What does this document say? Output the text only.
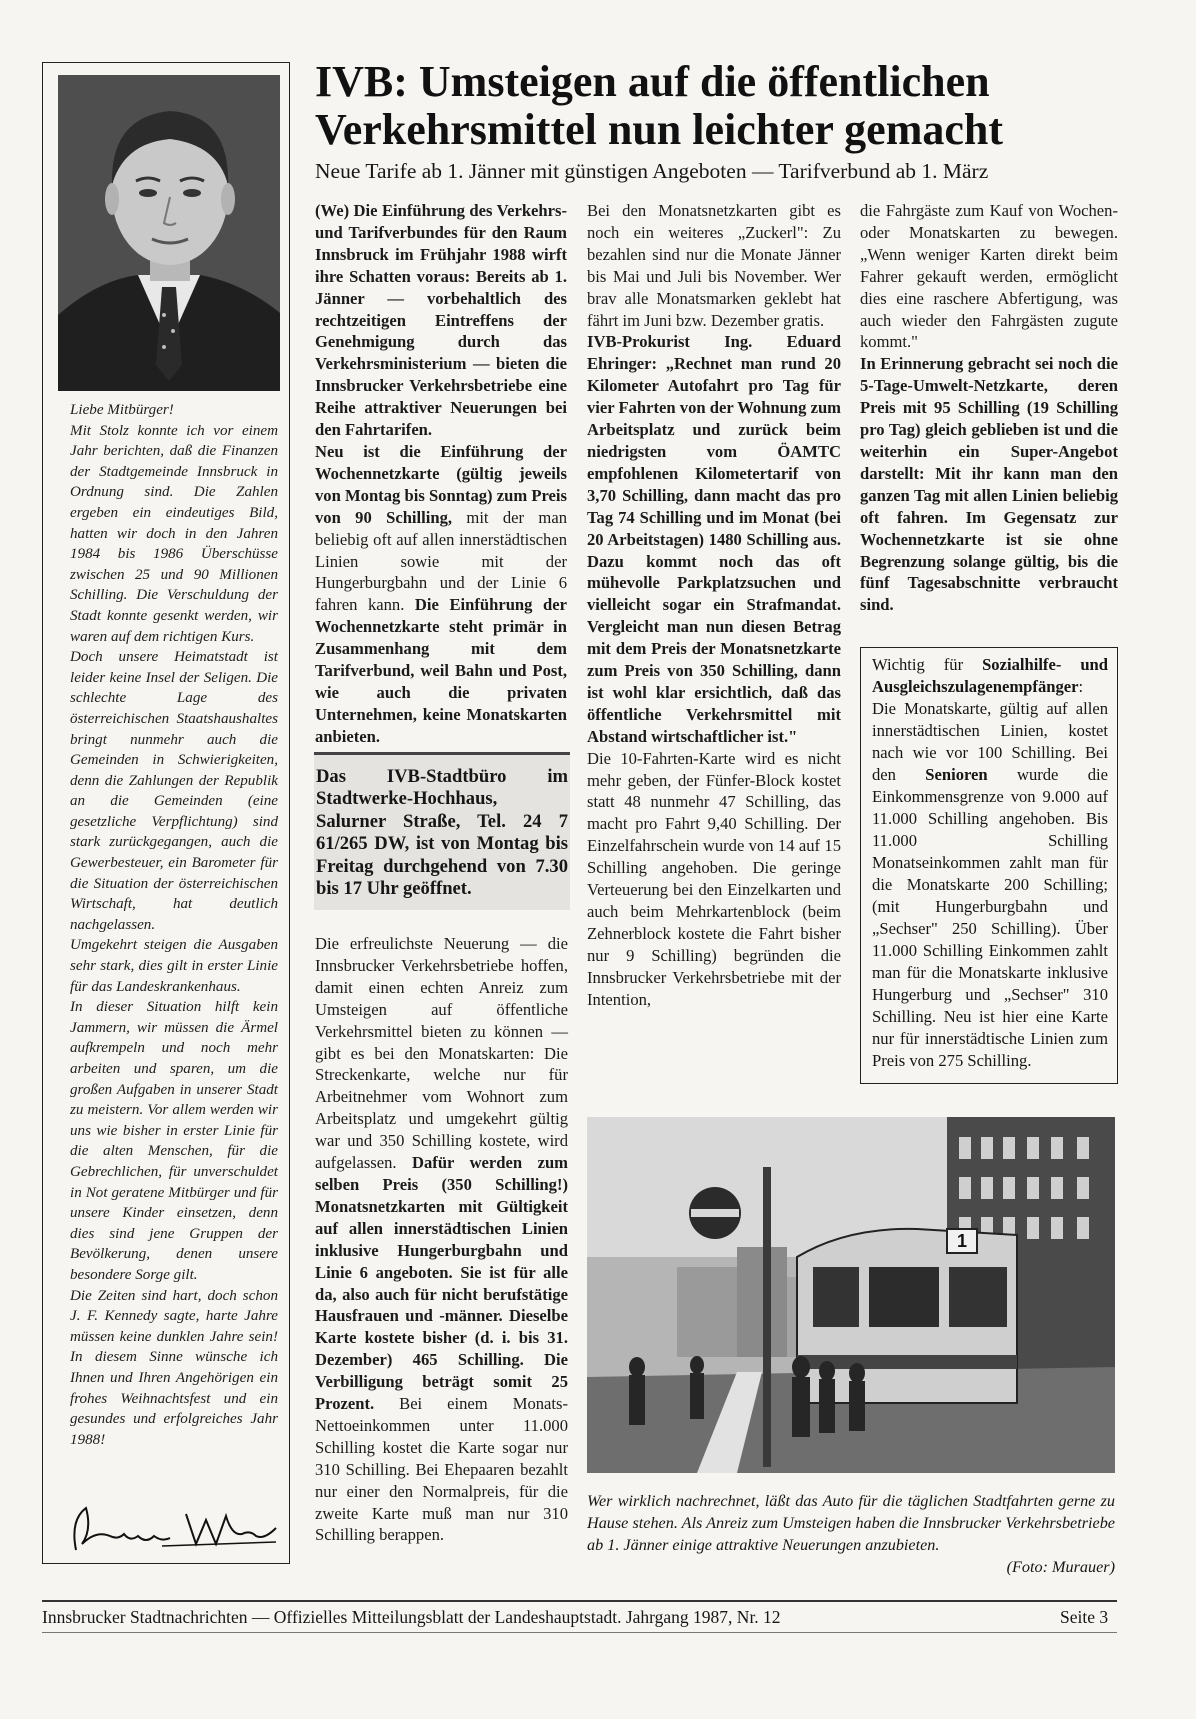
Liebe Mitbürger!
Mit Stolz konnte ich vor einem Jahr berichten, daß die Finanzen der Stadtgemeinde Innsbruck in Ordnung sind. Die Zahlen ergeben ein eindeutiges Bild, hatten wir doch in den Jahren 1984 bis 1986 Überschüsse zwischen 25 und 90 Millionen Schilling. Die Verschuldung der Stadt konnte gesenkt werden, wir waren auf dem richtigen Kurs.
Doch unsere Heimatstadt ist leider keine Insel der Seligen. Die schlechte Lage des österreichischen Staatshaushaltes bringt nunmehr auch die Gemeinden in Schwierigkeiten, denn die Zahlungen der Republik an die Gemeinden (eine gesetzliche Verpflichtung) sind stark zurückgegangen, auch die Gewerbesteuer, ein Barometer für die Situation der österreichischen Wirtschaft, hat deutlich nachgelassen.
Umgekehrt steigen die Ausgaben sehr stark, dies gilt in erster Linie für das Landeskrankenhaus.
In dieser Situation hilft kein Jammern, wir müssen die Ärmel aufkrempeln und noch mehr arbeiten und sparen, um die großen Aufgaben in unserer Stadt zu meistern. Vor allem werden wir uns wie bisher in erster Linie für die alten Menschen, für die Gebrechlichen, für unverschuldet in Not geratene Mitbürger und für unsere Kinder einsetzen, denn dies sind jene Gruppen der Bevölkerung, denen unsere besondere Sorge gilt.
Die Zeiten sind hart, doch schon J. F. Kennedy sagte, harte Jahre müssen keine dunklen Jahre sein! In diesem Sinne wünsche ich Ihnen und Ihren Angehörigen ein frohes Weihnachtsfest und ein gesundes und erfolgreiches Jahr 1988!
IVB: Umsteigen auf die öffentlichen Verkehrsmittel nun leichter gemacht
Neue Tarife ab 1. Jänner mit günstigen Angeboten — Tarifverbund ab 1. März

(We) Die Einführung des Verkehrs- und Tarifverbundes für den Raum Innsbruck im Frühjahr 1988 wirft ihre Schatten voraus: Bereits ab 1. Jänner — vorbehaltlich des rechtzeitigen Eintreffens der Genehmigung durch das Verkehrsministerium — bieten die Innsbrucker Verkehrsbetriebe eine Reihe attraktiver Neuerungen bei den Fahrtarifen.

Neu ist die Einführung der Wochennetzkarte (gültig jeweils von Montag bis Sonntag) zum Preis von 90 Schilling, mit der man beliebig oft auf allen innerstädtischen Linien sowie mit der Hungerburgbahn und der Linie 6 fahren kann. Die Einführung der Wochennetzkarte steht primär in Zusammenhang mit dem Tarifverbund, weil Bahn und Post, wie auch die privaten Unternehmen, keine Monatskarten anbieten.

Das IVB-Stadtbüro im Stadtwerke-Hochhaus, Salurner Straße, Tel. 24 7 61/265 DW, ist von Montag bis Freitag durchgehend von 7.30 bis 17 Uhr geöffnet.

Die erfreulichste Neuerung — die Innsbrucker Verkehrsbetriebe hoffen, damit einen echten Anreiz zum Umsteigen auf öffentliche Verkehrsmittel bieten zu können — gibt es bei den Monatskarten: Die Streckenkarte, welche nur für Arbeitnehmer vom Wohnort zum Arbeitsplatz und umgekehrt gültig war und 350 Schilling kostete, wird aufgelassen. Dafür werden zum selben Preis (350 Schilling!) Monatsnetzkarten mit Gültigkeit auf allen innerstädtischen Linien inklusive Hungerburgbahn und Linie 6 angeboten. Sie ist für alle da, also auch für nicht berufstätige Hausfrauen und -männer. Dieselbe Karte kostete bisher (d. i. bis 31. Dezember) 465 Schilling. Die Verbilligung beträgt somit 25 Prozent. Bei einem Monats-Nettoeinkommen unter 11.000 Schilling kostet die Karte sogar nur 310 Schilling. Bei Ehepaaren bezahlt nur einer den Normalpreis, für die zweite Karte muß man nur 310 Schilling berappen.

Bei den Monatsnetzkarten gibt es noch ein weiteres „Zuckerl": Zu bezahlen sind nur die Monate Jänner bis Mai und Juli bis November. Wer brav alle Monatsmarken geklebt hat fährt im Juni bzw. Dezember gratis.

IVB-Prokurist Ing. Eduard Ehringer: „Rechnet man rund 20 Kilometer Autofahrt pro Tag für vier Fahrten von der Wohnung zum Arbeitsplatz und zurück beim niedrigsten vom ÖAMTC empfohlenen Kilometertarif von 3,70 Schilling, dann macht das pro Tag 74 Schilling und im Monat (bei 20 Arbeitstagen) 1480 Schilling aus. Dazu kommt noch das oft mühevolle Parkplatzsuchen und vielleicht sogar ein Strafmandat. Vergleicht man nun diesen Betrag mit dem Preis der Monatsnetzkarte zum Preis von 350 Schilling, dann ist wohl klar ersichtlich, daß das öffentliche Verkehrsmittel mit Abstand wirtschaftlicher ist."

Die 10-Fahrten-Karte wird es nicht mehr geben, der Fünfer-Block kostet statt 48 nunmehr 47 Schilling, das macht pro Fahrt 9,40 Schilling. Der Einzelfahrschein wurde von 14 auf 15 Schilling angehoben. Die geringe Verteuerung bei den Einzelkarten und auch beim Mehrkartenblock (beim Zehnerblock kostete die Fahrt bisher nur 9 Schilling) begründen die Innsbrucker Verkehrsbetriebe mit der Intention,

die Fahrgäste zum Kauf von Wochen- oder Monatskarten zu bewegen. „Wenn weniger Karten direkt beim Fahrer gekauft werden, ermöglicht dies eine raschere Abfertigung, was auch wieder den Fahrgästen zugute kommt."

In Erinnerung gebracht sei noch die 5-Tage-Umwelt-Netzkarte, deren Preis mit 95 Schilling (19 Schilling pro Tag) gleich geblieben ist und die weiterhin ein Super-Angebot darstellt: Mit ihr kann man den ganzen Tag mit allen Linien beliebig oft fahren. Im Gegensatz zur Wochennetzkarte ist sie ohne Begrenzung solange gültig, bis die fünf Tagesabschnitte verbraucht sind.

Wichtig für Sozialhilfe- und Ausgleichszulagenempfänger: Die Monatskarte, gültig auf allen innerstädtischen Linien, kostet nach wie vor 100 Schilling. Bei den Senioren wurde die Einkommensgrenze von 9.000 auf 11.000 Schilling angehoben. Bis 11.000 Schilling Monatseinkommen zahlt man für die Monatskarte 200 Schilling; (mit Hungerburgbahn und „Sechser" 250 Schilling). Über 11.000 Schilling Einkommen zahlt man für die Monatskarte inklusive Hungerburg und „Sechser" 310 Schilling. Neu ist hier eine Karte nur für innerstädtische Linien zum Preis von 275 Schilling.
1
Wer wirklich nachrechnet, läßt das Auto für die täglichen Stadtfahrten gerne zu Hause stehen. Als Anreiz zum Umsteigen haben die Innsbrucker Verkehrsbetriebe ab 1. Jänner einige attraktive Neuerungen anzubieten.
(Foto: Murauer)
Innsbrucker Stadtnachrichten — Offizielles Mitteilungsblatt der Landeshauptstadt. Jahrgang 1987, Nr. 12	Seite 3
